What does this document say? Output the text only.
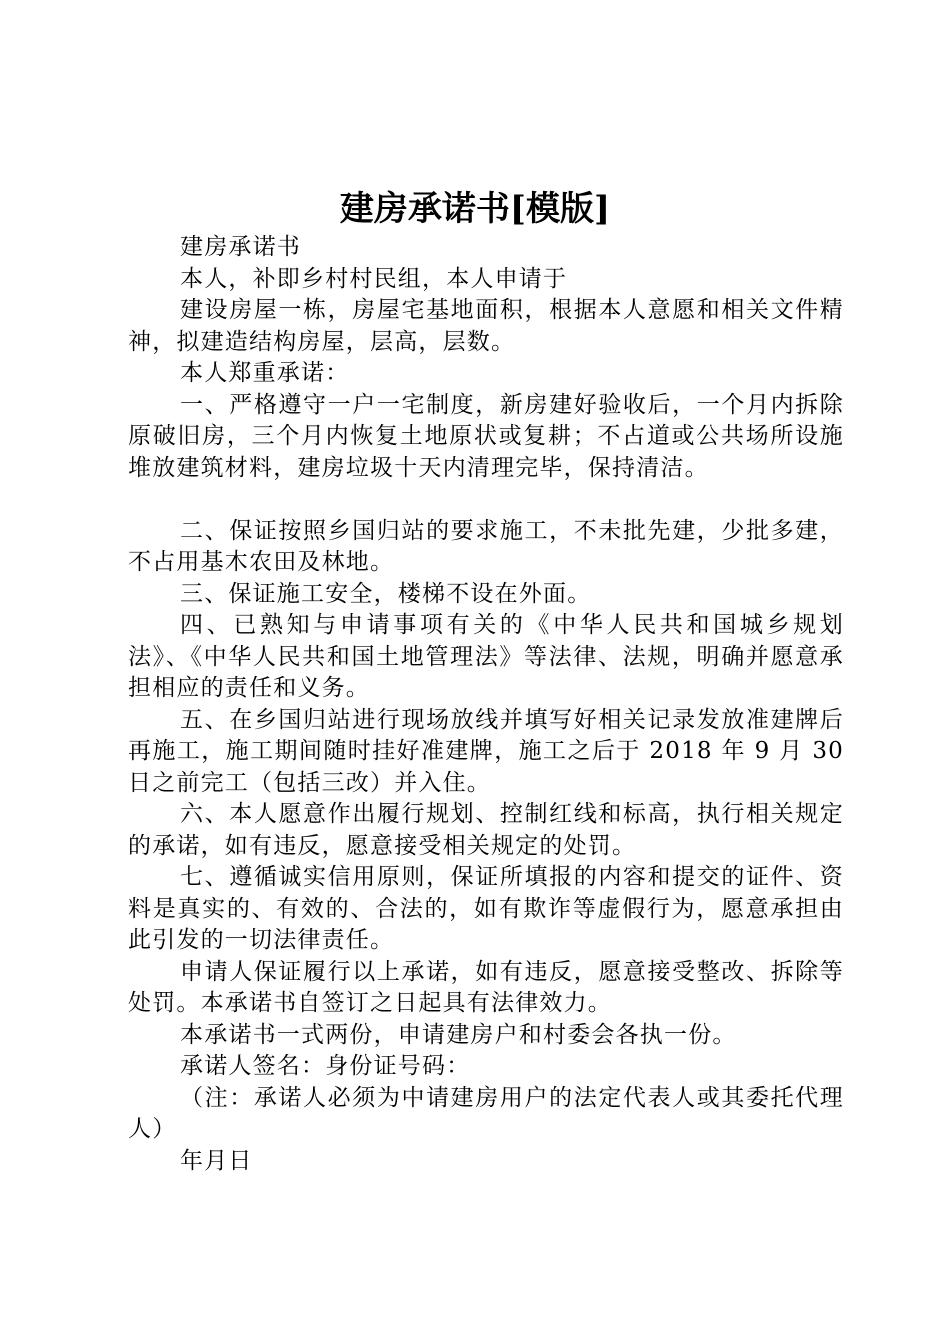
建房承诺书[模版]

建房承诺书

本人，补即乡村村民组，本人申请于

建设房屋一栋，房屋宅基地面积，根据本人意愿和相关文件精神，拟建造结构房屋，层高，层数。

本人郑重承诺：

一、严格遵守一户一宅制度，新房建好验收后，一个月内拆除原破旧房，三个月内恢复土地原状或复耕；不占道或公共场所设施堆放建筑材料，建房垃圾十天内清理完毕，保持清洁。

二、保证按照乡国归站的要求施工，不未批先建，少批多建，不占用基木农田及林地。

三、保证施工安全，楼梯不设在外面。

四、已熟知与申请事项有关的《中华人民共和国城乡规划法》、《中华人民共和国土地管理法》等法律、法规，明确并愿意承担相应的责任和义务。

五、在乡国归站进行现场放线并填写好相关记录发放准建牌后再施工，施工期间随时挂好准建牌，施工之后于 2018 年 9 月 30 日之前完工（包括三改）并入住。

六、本人愿意作出履行规划、控制红线和标高，执行相关规定的承诺，如有违反，愿意接受相关规定的处罚。

七、遵循诚实信用原则，保证所填报的内容和提交的证件、资料是真实的、有效的、合法的，如有欺诈等虚假行为，愿意承担由此引发的一切法律责任。

申请人保证履行以上承诺，如有违反，愿意接受整改、拆除等处罚。本承诺书自签订之日起具有法律效力。

本承诺书一式两份，申请建房户和村委会各执一份。

承诺人签名：身份证号码：

（注：承诺人必须为中请建房用户的法定代表人或其委托代理人）

年月日
